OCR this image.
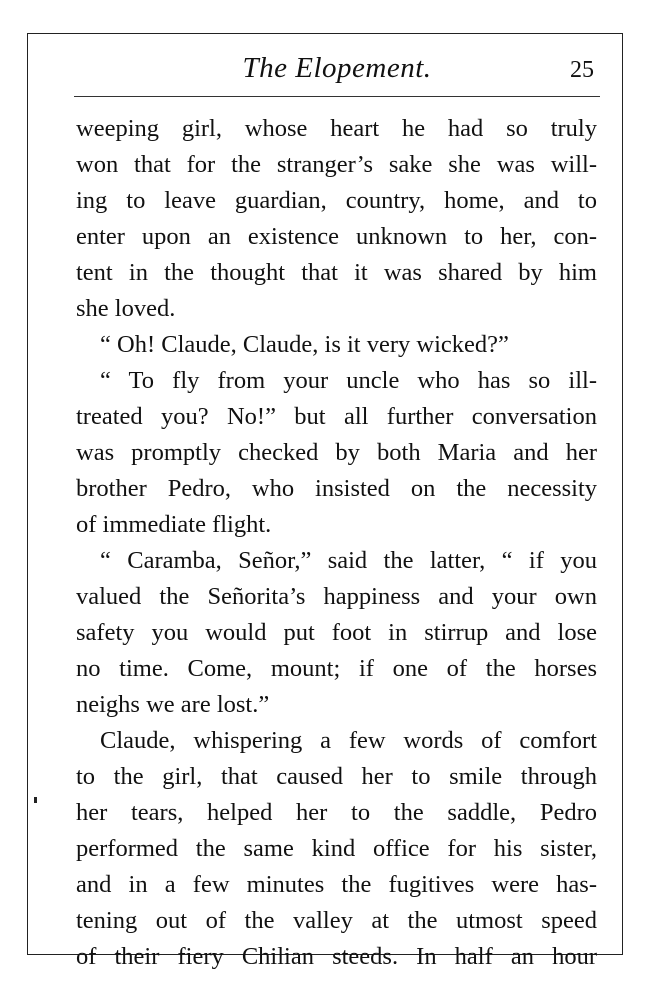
The Elopement.	25
weeping girl, whose heart he had so truly
won that for the stranger’s sake she was will-
ing to leave guardian, country, home, and to
enter upon an existence unknown to her, con-
tent in the thought that it was shared by him
she loved.
“ Oh! Claude, Claude, is it very wicked?”
“ To fly from your uncle who has so ill-
treated you? No!” but all further conversation
was promptly checked by both Maria and her
brother Pedro, who insisted on the necessity
of immediate flight.
“ Caramba, Señor,” said the latter, “ if you
valued the Señorita’s happiness and your own
safety you would put foot in stirrup and lose
no time. Come, mount; if one of the horses
neighs we are lost.”
Claude, whispering a few words of comfort
to the girl, that caused her to smile through
her tears, helped her to the saddle, Pedro
performed the same kind office for his sister,
and in a few minutes the fugitives were has-
tening out of the valley at the utmost speed
of their fiery Chilian steeds. In half an hour
